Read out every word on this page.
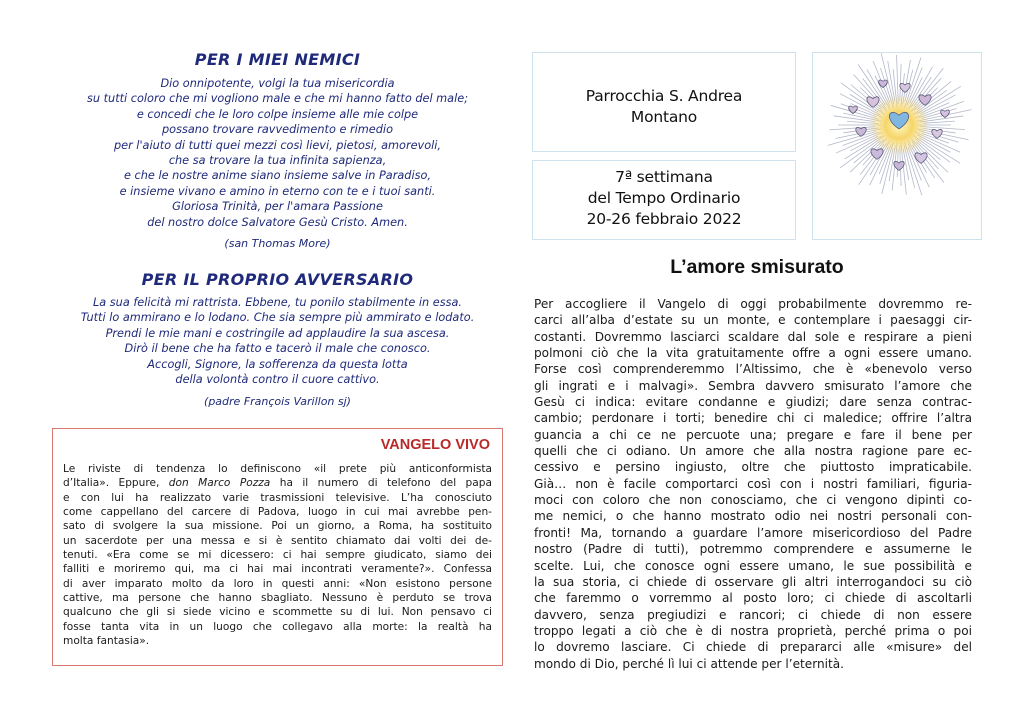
PER I MIEI NEMICI
Dio onnipotente, volgi la tua misericordia
su tutti coloro che mi vogliono male e che mi hanno fatto del male;
e concedi che le loro colpe insieme alle mie colpe
possano trovare ravvedimento e rimedio
per l'aiuto di tutti quei mezzi così lievi, pietosi, amorevoli,
che sa trovare la tua infinita sapienza,
e che le nostre anime siano insieme salve in Paradiso,
e insieme vivano e amino in eterno con te e i tuoi santi.
Gloriosa Trinità, per l'amara Passione
del nostro dolce Salvatore Gesù Cristo. Amen.
(san Thomas More)
PER IL PROPRIO AVVERSARIO
La sua felicità mi rattrista. Ebbene, tu ponilo stabilmente in essa.
Tutti lo ammirano e lo lodano. Che sia sempre più ammirato e lodato.
Prendi le mie mani e costringile ad applaudire la sua ascesa.
Dirò il bene che ha fatto e tacerò il male che conosco.
Accogli, Signore, la sofferenza da questa lotta
della volontà contro il cuore cattivo.
(padre François Varillon sj)
VANGELO VIVO
Le riviste di tendenza lo definiscono «il prete più anticonformista
d’Italia». Eppure, don Marco Pozza ha il numero di telefono del papa
e con lui ha realizzato varie trasmissioni televisive. L’ha conosciuto
come cappellano del carcere di Padova, luogo in cui mai avrebbe pen-
sato di svolgere la sua missione. Poi un giorno, a Roma, ha sostituito
un sacerdote per una messa e si è sentito chiamato dai volti dei de-
tenuti. «Era come se mi dicessero: ci hai sempre giudicato, siamo dei
falliti e moriremo qui, ma ci hai mai incontrati veramente?». Confessa
di aver imparato molto da loro in questi anni: «Non esistono persone
cattive, ma persone che hanno sbagliato. Nessuno è perduto se trova
qualcuno che gli si siede vicino e scommette su di lui. Non pensavo ci
fosse tanta vita in un luogo che collegavo alla morte: la realtà ha
molta fantasia».
Parrocchia S. Andrea
Montano
7ª settimana
del Tempo Ordinario
20-26 febbraio 2022
L’amore smisurato
Per accogliere il Vangelo di oggi probabilmente dovremmo re-
carci all’alba d’estate su un monte, e contemplare i paesaggi cir-
costanti. Dovremmo lasciarci scaldare dal sole e respirare a pieni
polmoni ciò che la vita gratuitamente offre a ogni essere umano.
Forse così comprenderemmo l’Altissimo, che è «benevolo verso
gli ingrati e i malvagi». Sembra davvero smisurato l’amore che
Gesù ci indica: evitare condanne e giudizi; dare senza contrac-
cambio; perdonare i torti; benedire chi ci maledice; offrire l’altra
guancia a chi ce ne percuote una; pregare e fare il bene per
quelli che ci odiano. Un amore che alla nostra ragione pare ec-
cessivo e persino ingiusto, oltre che piuttosto impraticabile.
Già… non è facile comportarci così con i nostri familiari, figuria-
moci con coloro che non conosciamo, che ci vengono dipinti co-
me nemici, o che hanno mostrato odio nei nostri personali con-
fronti! Ma, tornando a guardare l’amore misericordioso del Padre
nostro (Padre di tutti), potremmo comprendere e assumerne le
scelte. Lui, che conosce ogni essere umano, le sue possibilità e
la sua storia, ci chiede di osservare gli altri interrogandoci su ciò
che faremmo o vorremmo al posto loro; ci chiede di ascoltarli
davvero, senza pregiudizi e rancori; ci chiede di non essere
troppo legati a ciò che è di nostra proprietà, perché prima o poi
lo dovremo lasciare. Ci chiede di prepararci alle «misure» del
mondo di Dio, perché lì lui ci attende per l’eternità.
